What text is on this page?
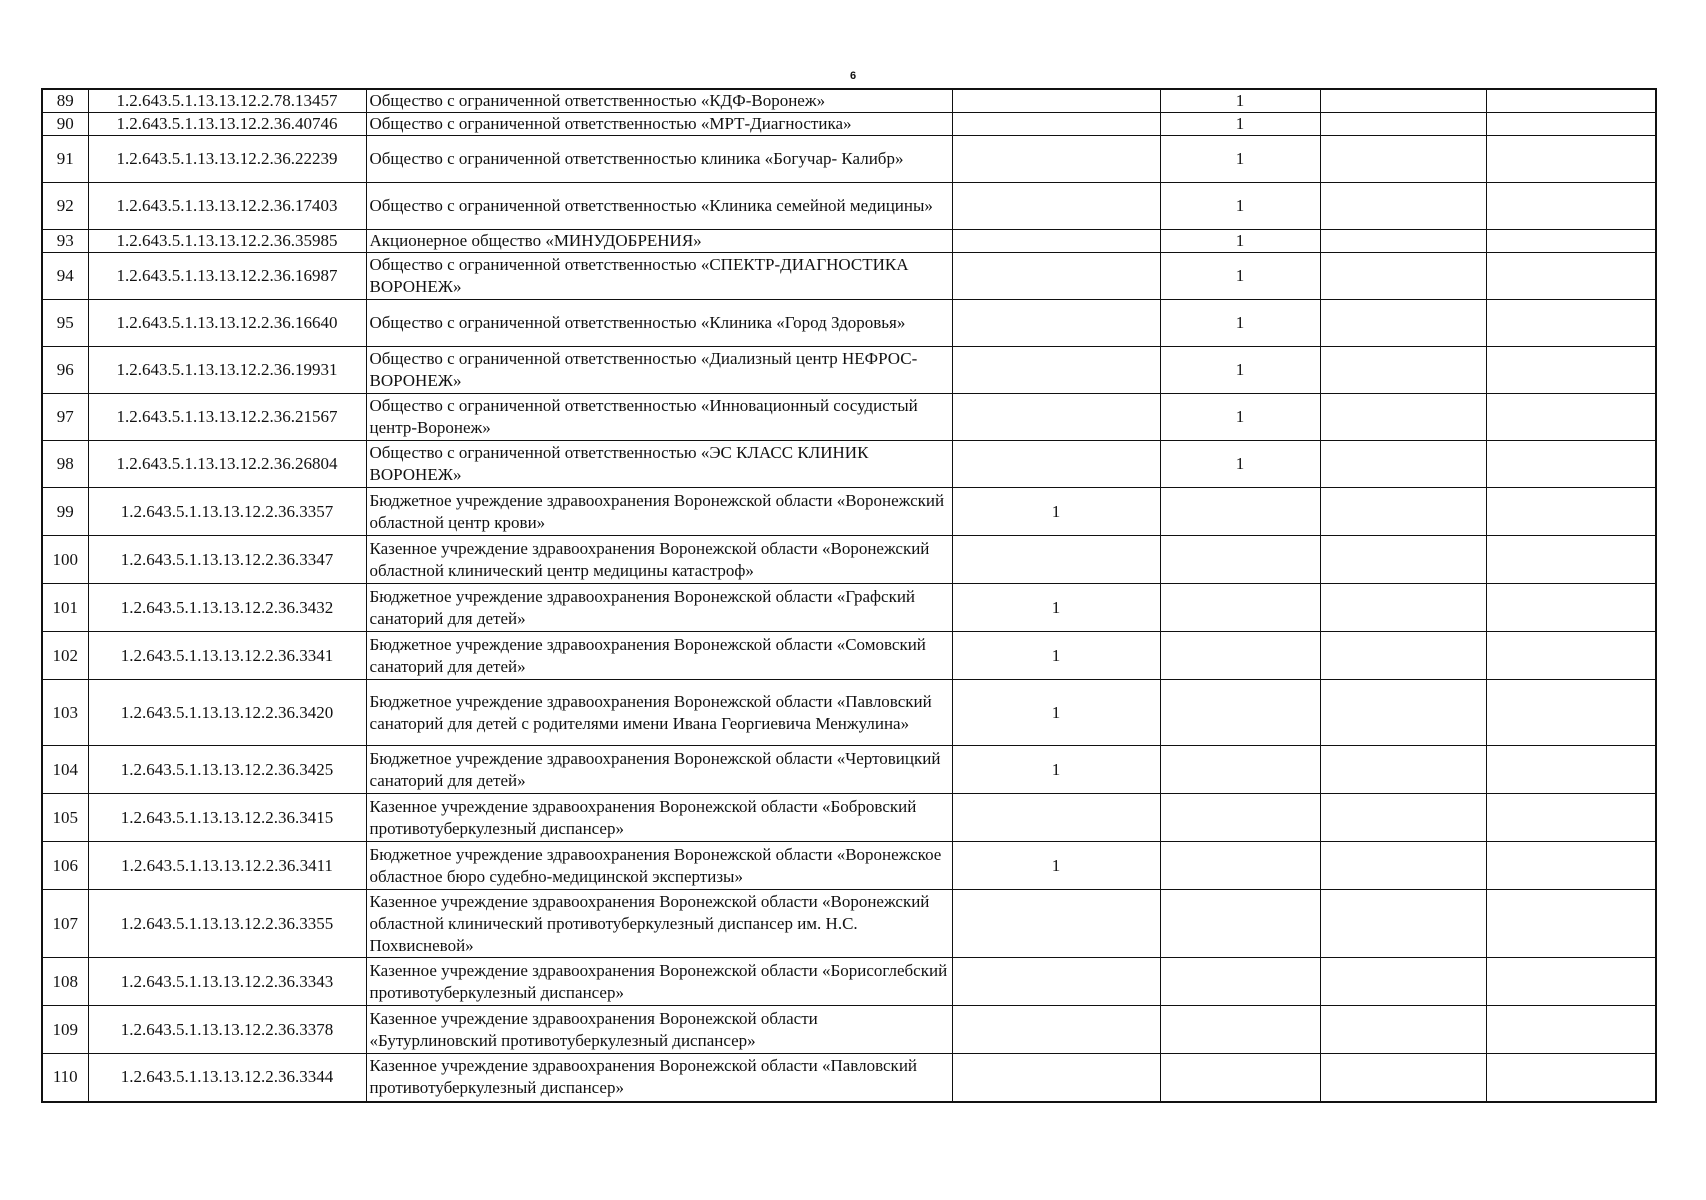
6
89	1.2.643.5.1.13.13.12.2.78.13457	Общество с ограниченной ответственностью «КДФ-Воронеж»		1		
90	1.2.643.5.1.13.13.12.2.36.40746	Общество с ограниченной ответственностью «МРТ-Диагностика»		1		
91	1.2.643.5.1.13.13.12.2.36.22239	Общество с ограниченной ответственностью клиника «Богучар- Калибр»		1		
92	1.2.643.5.1.13.13.12.2.36.17403	Общество с ограниченной ответственностью «Клиника семейной медицины»		1		
93	1.2.643.5.1.13.13.12.2.36.35985	Акционерное общество «МИНУДОБРЕНИЯ»		1		
94	1.2.643.5.1.13.13.12.2.36.16987	Общество с ограниченной ответственностью «СПЕКТР-ДИАГНОСТИКА ВОРОНЕЖ»		1		
95	1.2.643.5.1.13.13.12.2.36.16640	Общество с ограниченной ответственностью «Клиника «Город Здоровья»		1		
96	1.2.643.5.1.13.13.12.2.36.19931	Общество с ограниченной ответственностью «Диализный центр НЕФРОС-ВОРОНЕЖ»		1		
97	1.2.643.5.1.13.13.12.2.36.21567	Общество с ограниченной ответственностью «Инновационный сосудистый центр-Воронеж»		1		
98	1.2.643.5.1.13.13.12.2.36.26804	Общество с ограниченной ответственностью «ЭС КЛАСС КЛИНИК ВОРОНЕЖ»		1		
99	1.2.643.5.1.13.13.12.2.36.3357	Бюджетное учреждение здравоохранения Воронежской области «Воронежский областной центр крови»	1			
100	1.2.643.5.1.13.13.12.2.36.3347	Казенное учреждение здравоохранения Воронежской области «Воронежский областной клинический центр медицины катастроф»				
101	1.2.643.5.1.13.13.12.2.36.3432	Бюджетное учреждение здравоохранения Воронежской области «Графский санаторий для детей»	1			
102	1.2.643.5.1.13.13.12.2.36.3341	Бюджетное учреждение здравоохранения Воронежской области «Сомовский санаторий для детей»	1			
103	1.2.643.5.1.13.13.12.2.36.3420	Бюджетное учреждение здравоохранения Воронежской области «Павловский санаторий для детей с родителями имени Ивана Георгиевича Менжулина»	1			
104	1.2.643.5.1.13.13.12.2.36.3425	Бюджетное учреждение здравоохранения Воронежской области «Чертовицкий санаторий для детей»	1			
105	1.2.643.5.1.13.13.12.2.36.3415	Казенное учреждение здравоохранения Воронежской области «Бобровский противотуберкулезный диспансер»				
106	1.2.643.5.1.13.13.12.2.36.3411	Бюджетное учреждение здравоохранения Воронежской области «Воронежское областное бюро судебно-медицинской экспертизы»	1			
107	1.2.643.5.1.13.13.12.2.36.3355	Казенное учреждение здравоохранения Воронежской области «Воронежский областной клинический противотуберкулезный диспансер им. Н.С. Похвисневой»				
108	1.2.643.5.1.13.13.12.2.36.3343	Казенное учреждение здравоохранения Воронежской области «Борисоглебский противотуберкулезный диспансер»				
109	1.2.643.5.1.13.13.12.2.36.3378	Казенное учреждение здравоохранения Воронежской области «Бутурлиновский противотуберкулезный диспансер»				
110	1.2.643.5.1.13.13.12.2.36.3344	Казенное учреждение здравоохранения Воронежской области «Павловский противотуберкулезный диспансер»				
